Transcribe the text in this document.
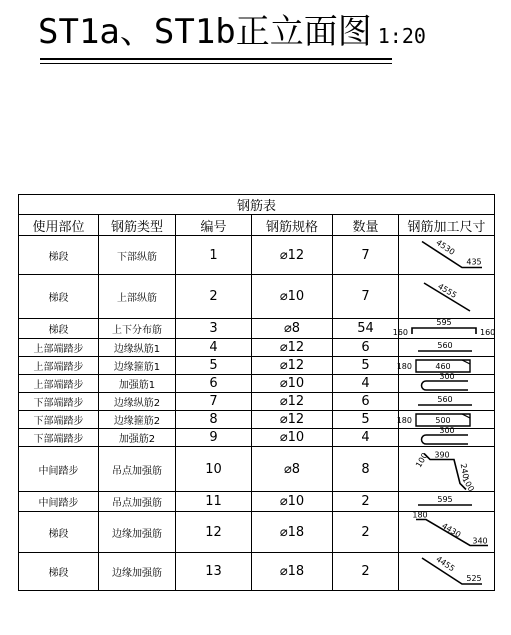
ST1a、ST1b正立面图 1:20
钢筋表					
使用部位	钢筋类型	编号	钢筋规格	数量	钢筋加工尺寸
梯段	下部纵筋	1	⌀12	7	4530
435

梯段	上部纵筋	2	⌀10	7	4555

梯段	上下分布筋	3	⌀8	54	160
595
160

上部端踏步	边缘纵筋1	4	⌀12	6	560

上部端踏步	边缘箍筋1	5	⌀12	5	180 460

上部端踏步	加强筋1	6	⌀10	4	300

下部端踏步	边缘纵筋2	7	⌀12	6	560

下部端踏步	边缘箍筋2	8	⌀12	5	180 500

下部端踏步	加强筋2	9	⌀10	4	300

中间踏步	吊点加强筋	10	⌀8	8	100 390
240
100

中间踏步	吊点加强筋	11	⌀10	2	595

梯段	边缘加强筋	12	⌀18	2	180
4430
340

梯段	边缘加强筋	13	⌀18	2	4455
525
